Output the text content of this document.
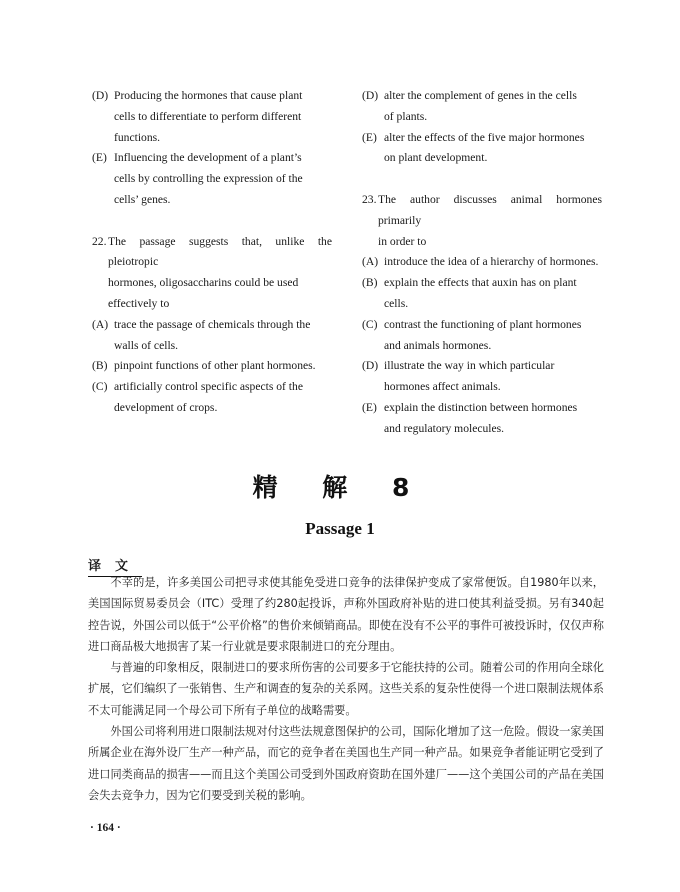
(D) Producing the hormones that cause plant
cells to differentiate to perform different
functions.
(E) Influencing the development of a plant’s
cells by controlling the expression of the
cells’ genes.
22. The passage suggests that, unlike the pleiotropic
hormones, oligosaccharins could be used
effectively to
(A) trace the passage of chemicals through the
walls of cells.
(B) pinpoint functions of other plant hormones.
(C) artificially control specific aspects of the
development of crops.
(D) alter the complement of genes in the cells
of plants.
(E) alter the effects of the five major hormones
on plant development.
23. The author discusses animal hormones primarily
in order to
(A) introduce the idea of a hierarchy of hormones.
(B) explain the effects that auxin has on plant
cells.
(C) contrast the functioning of plant hormones
and animals hormones.
(D) illustrate the way in which particular
hormones affect animals.
(E) explain the distinction between hormones
and regulatory molecules.
精 解 8
Passage 1
译文

不幸的是，许多美国公司把寻求使其能免受进口竞争的法律保护变成了家常便饭。自1980年以来，美国国际贸易委员会（ITC）受理了约280起投诉，声称外国政府补贴的进口使其利益受损。另有340起控告说，外国公司以低于“公平价格”的售价来倾销商品。即使在没有不公平的事件可被投诉时，仅仅声称进口商品极大地损害了某一行业就是要求限制进口的充分理由。

与普遍的印象相反，限制进口的要求所伤害的公司要多于它能扶持的公司。随着公司的作用向全球化扩展，它们编织了一张销售、生产和调查的复杂的关系网。这些关系的复杂性使得一个进口限制法规体系不太可能满足同一个母公司下所有子单位的战略需要。

外国公司将利用进口限制法规对付这些法规意图保护的公司，国际化增加了这一危险。假设一家美国所属企业在海外设厂生产一种产品，而它的竞争者在美国也生产同一种产品。如果竞争者能证明它受到了进口同类商品的损害——而且这个美国公司受到外国政府资助在国外建厂——这个美国公司的产品在美国会失去竞争力，因为它们要受到关税的影响。

· 164 ·
